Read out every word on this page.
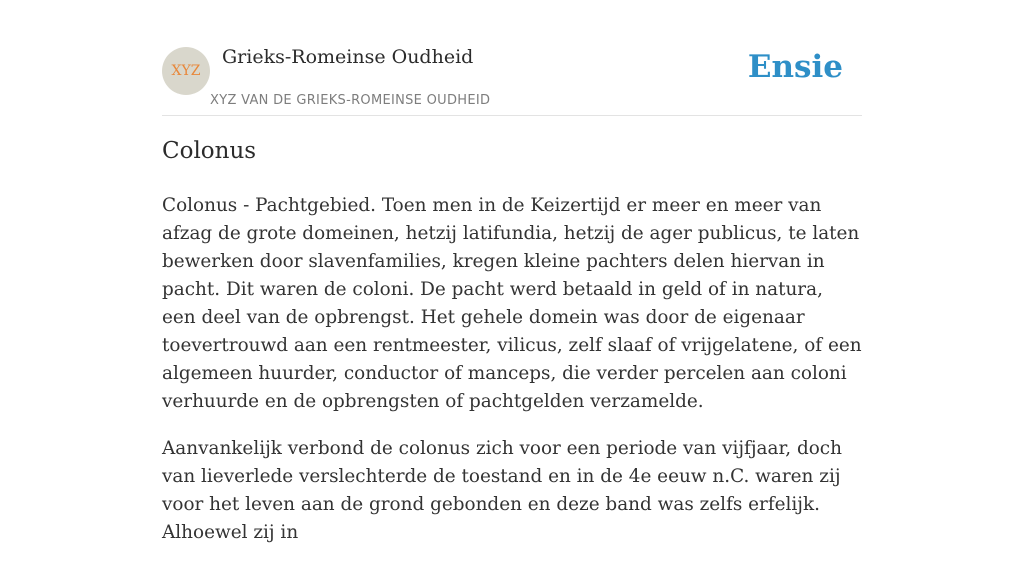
XYZ
Grieks-Romeinse Oudheid
XYZ VAN DE GRIEKS-ROMEINSE OUDHEID
Ensie
Colonus

Colonus - Pachtgebied. Toen men in de Keizertijd er meer en meer van afzag de grote domeinen, hetzij latifundia, hetzij de ager publicus, te laten bewerken door slavenfamilies, kregen kleine pachters delen hiervan in pacht. Dit waren de coloni. De pacht werd betaald in geld of in natura, een deel van de opbrengst. Het gehele domein was door de eigenaar toevertrouwd aan een rentmeester, vilicus, zelf slaaf of vrijgelatene, of een algemeen huurder, conductor of manceps, die verder percelen aan coloni verhuurde en de opbrengsten of pachtgelden verzamelde.

Aanvankelijk verbond de colonus zich voor een periode van vijfjaar, doch van lieverlede verslechterde de toestand en in de 4e eeuw n.C. waren zij voor het leven aan de grond gebonden en deze band was zelfs erfelijk. Alhoewel zij in
